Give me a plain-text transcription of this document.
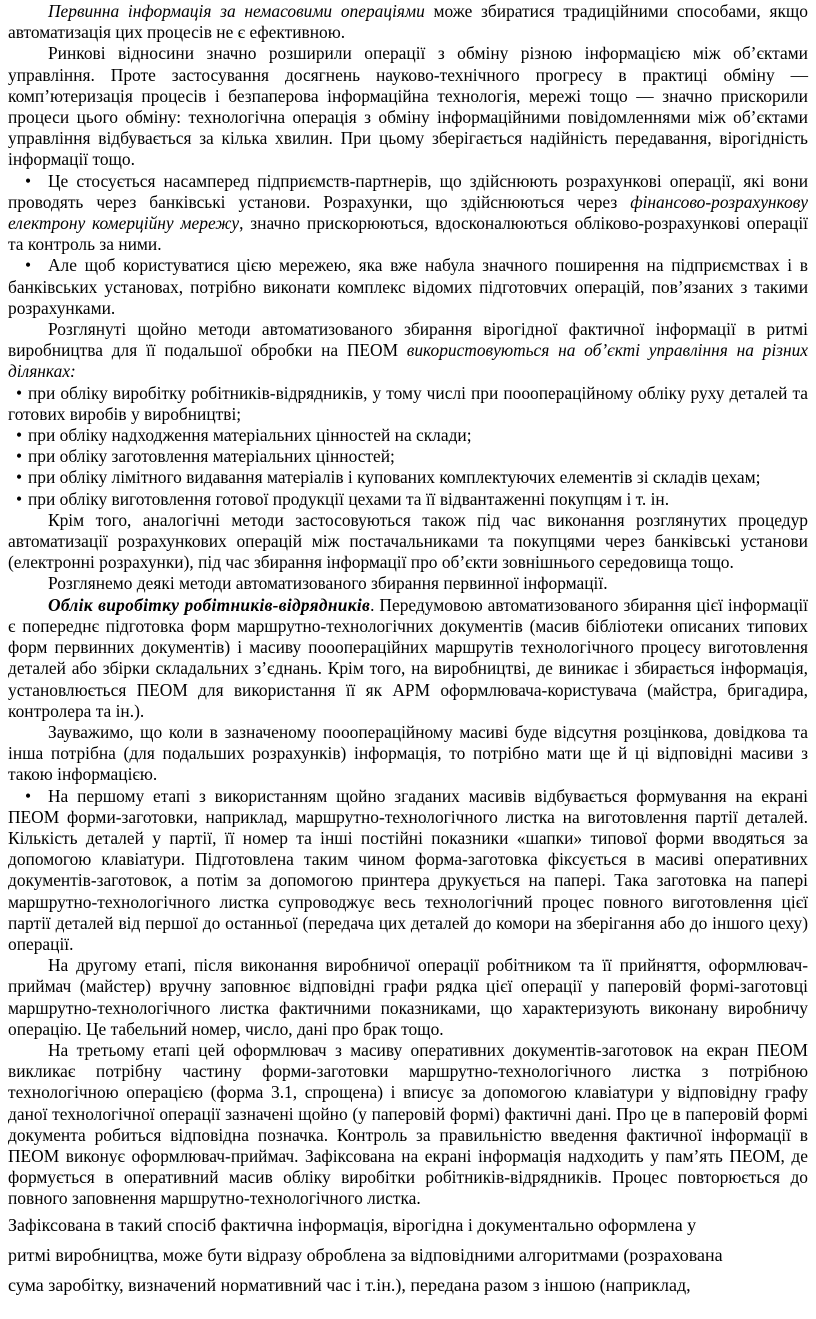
Первинна інформація за немасовими операціями може збиратися традиційними способами, якщо автоматизація цих процесів не є ефективною.

Ринкові відносини значно розширили операції з обміну різною інформацією між об’єктами управління. Проте застосування досягнень науково-технічного прогресу в практиці обміну — комп’ютеризація процесів і безпаперова інформаційна технологія, мережі тощо — значно прискорили процеси цього обміну: технологічна операція з обміну інформаційними повідомленнями між об’єктами управління відбувається за кілька хвилин. При цьому зберігається надійність передавання, вірогідність інформації тощо.

• Це стосується насамперед підприємств-партнерів, що здійснюють розрахункові операції, які вони проводять через банківські установи. Розрахунки, що здійснюються через фінансово-розрахункову електрону комерційну мережу, значно прискорюються, вдосконалюються обліково-розрахункові операції та контроль за ними.

• Але щоб користуватися цією мережею, яка вже набула значного поширення на підприємствах і в банківських установах, потрібно виконати комплекс відомих підготовчих операцій, пов’язаних з такими розрахунками.

Розглянуті щойно методи автоматизованого збирання вірогідної фактичної інформації в ритмі виробництва для її подальшої обробки на ПЕОМ використовуються на об’єкті управління на різних ділянках:

• при обліку виробітку робітників-відрядників, у тому числі при пооопераційному обліку руху деталей та готових виробів у виробництві;

• при обліку надходження матеріальних цінностей на склади;

• при обліку заготовлення матеріальних цінностей;

• при обліку лімітного видавання матеріалів і купованих комплектуючих елементів зі складів цехам;

• при обліку виготовлення готової продукції цехами та її відвантаженні покупцям і т. ін.

Крім того, аналогічні методи застосовуються також під час виконання розглянутих процедур автоматизації розрахункових операцій між постачальниками та покупцями через банківські установи (електронні розрахунки), під час збирання інформації про об’єкти зовнішнього середовища тощо.

Розглянемо деякі методи автоматизованого збирання первинної інформації.

Облік виробітку робітників-відрядників. Передумовою автоматизованого збирання цієї інформації є попереднє підготовка форм маршрутно-технологічних документів (масив бібліотеки описаних типових форм первинних документів) і масиву пооопераційних маршрутів технологічного процесу виготовлення деталей або збірки складальних з’єднань. Крім того, на виробництві, де виникає і збирається інформація, установлюється ПЕОМ для використання її як АРМ оформлювача-користувача (майстра, бригадира, контролера та ін.).

Зауважимо, що коли в зазначеному пооопераційному масиві буде відсутня розцінкова, довідкова та інша потрібна (для подальших розрахунків) інформація, то потрібно мати ще й ці відповідні масиви з такою інформацією.

• На першому етапі з використанням щойно згаданих масивів відбувається формування на екрані ПЕОМ форми-заготовки, наприклад, маршрутно-технологічного листка на виготовлення партії деталей. Кількість деталей у партії, її номер та інші постійні показники «шапки» типової форми вводяться за допомогою клавіатури. Підготовлена таким чином форма-заготовка фіксується в масиві оперативних документів-заготовок, а потім за допомогою принтера друкується на папері. Така заготовка на папері маршрутно-технологічного листка супроводжує весь технологічний процес повного виготовлення цієї партії деталей від першої до останньої (передача цих деталей до комори на зберігання або до іншого цеху) операції.

На другому етапі, після виконання виробничої операції робітником та її прийняття, оформлювач-приймач (майстер) вручну заповнює відповідні графи рядка цієї операції у паперовій формі-заготовці маршрутно-технологічного листка фактичними показниками, що характеризують виконану виробничу операцію. Це табельний номер, число, дані про брак тощо.

На третьому етапі цей оформлювач з масиву оперативних документів-заготовок на екран ПЕОМ викликає потрібну частину форми-заготовки маршрутно-технологічного листка з потрібною технологічною операцією (форма 3.1, спрощена) і вписує за допомогою клавіатури у відповідну графу даної технологічної операції зазначені щойно (у паперовій формі) фактичні дані. Про це в паперовій формі документа робиться відповідна позначка. Контроль за правильністю введення фактичної інформації в ПЕОМ виконує оформлювач-приймач. Зафіксована на екрані інформація надходить у пам’ять ПЕОМ, де формується в оперативний масив обліку виробітки робітників-відрядників. Процес повторюється до повного заповнення маршрутно-технологічного листка.

Зафіксована в такий спосіб фактична інформація, вірогідна і документально оформлена у
ритмі виробництва, може бути відразу оброблена за відповідними алгоритмами (розрахована
сума заробітку, визначений нормативний час і т.ін.), передана разом з іншою (наприклад,
